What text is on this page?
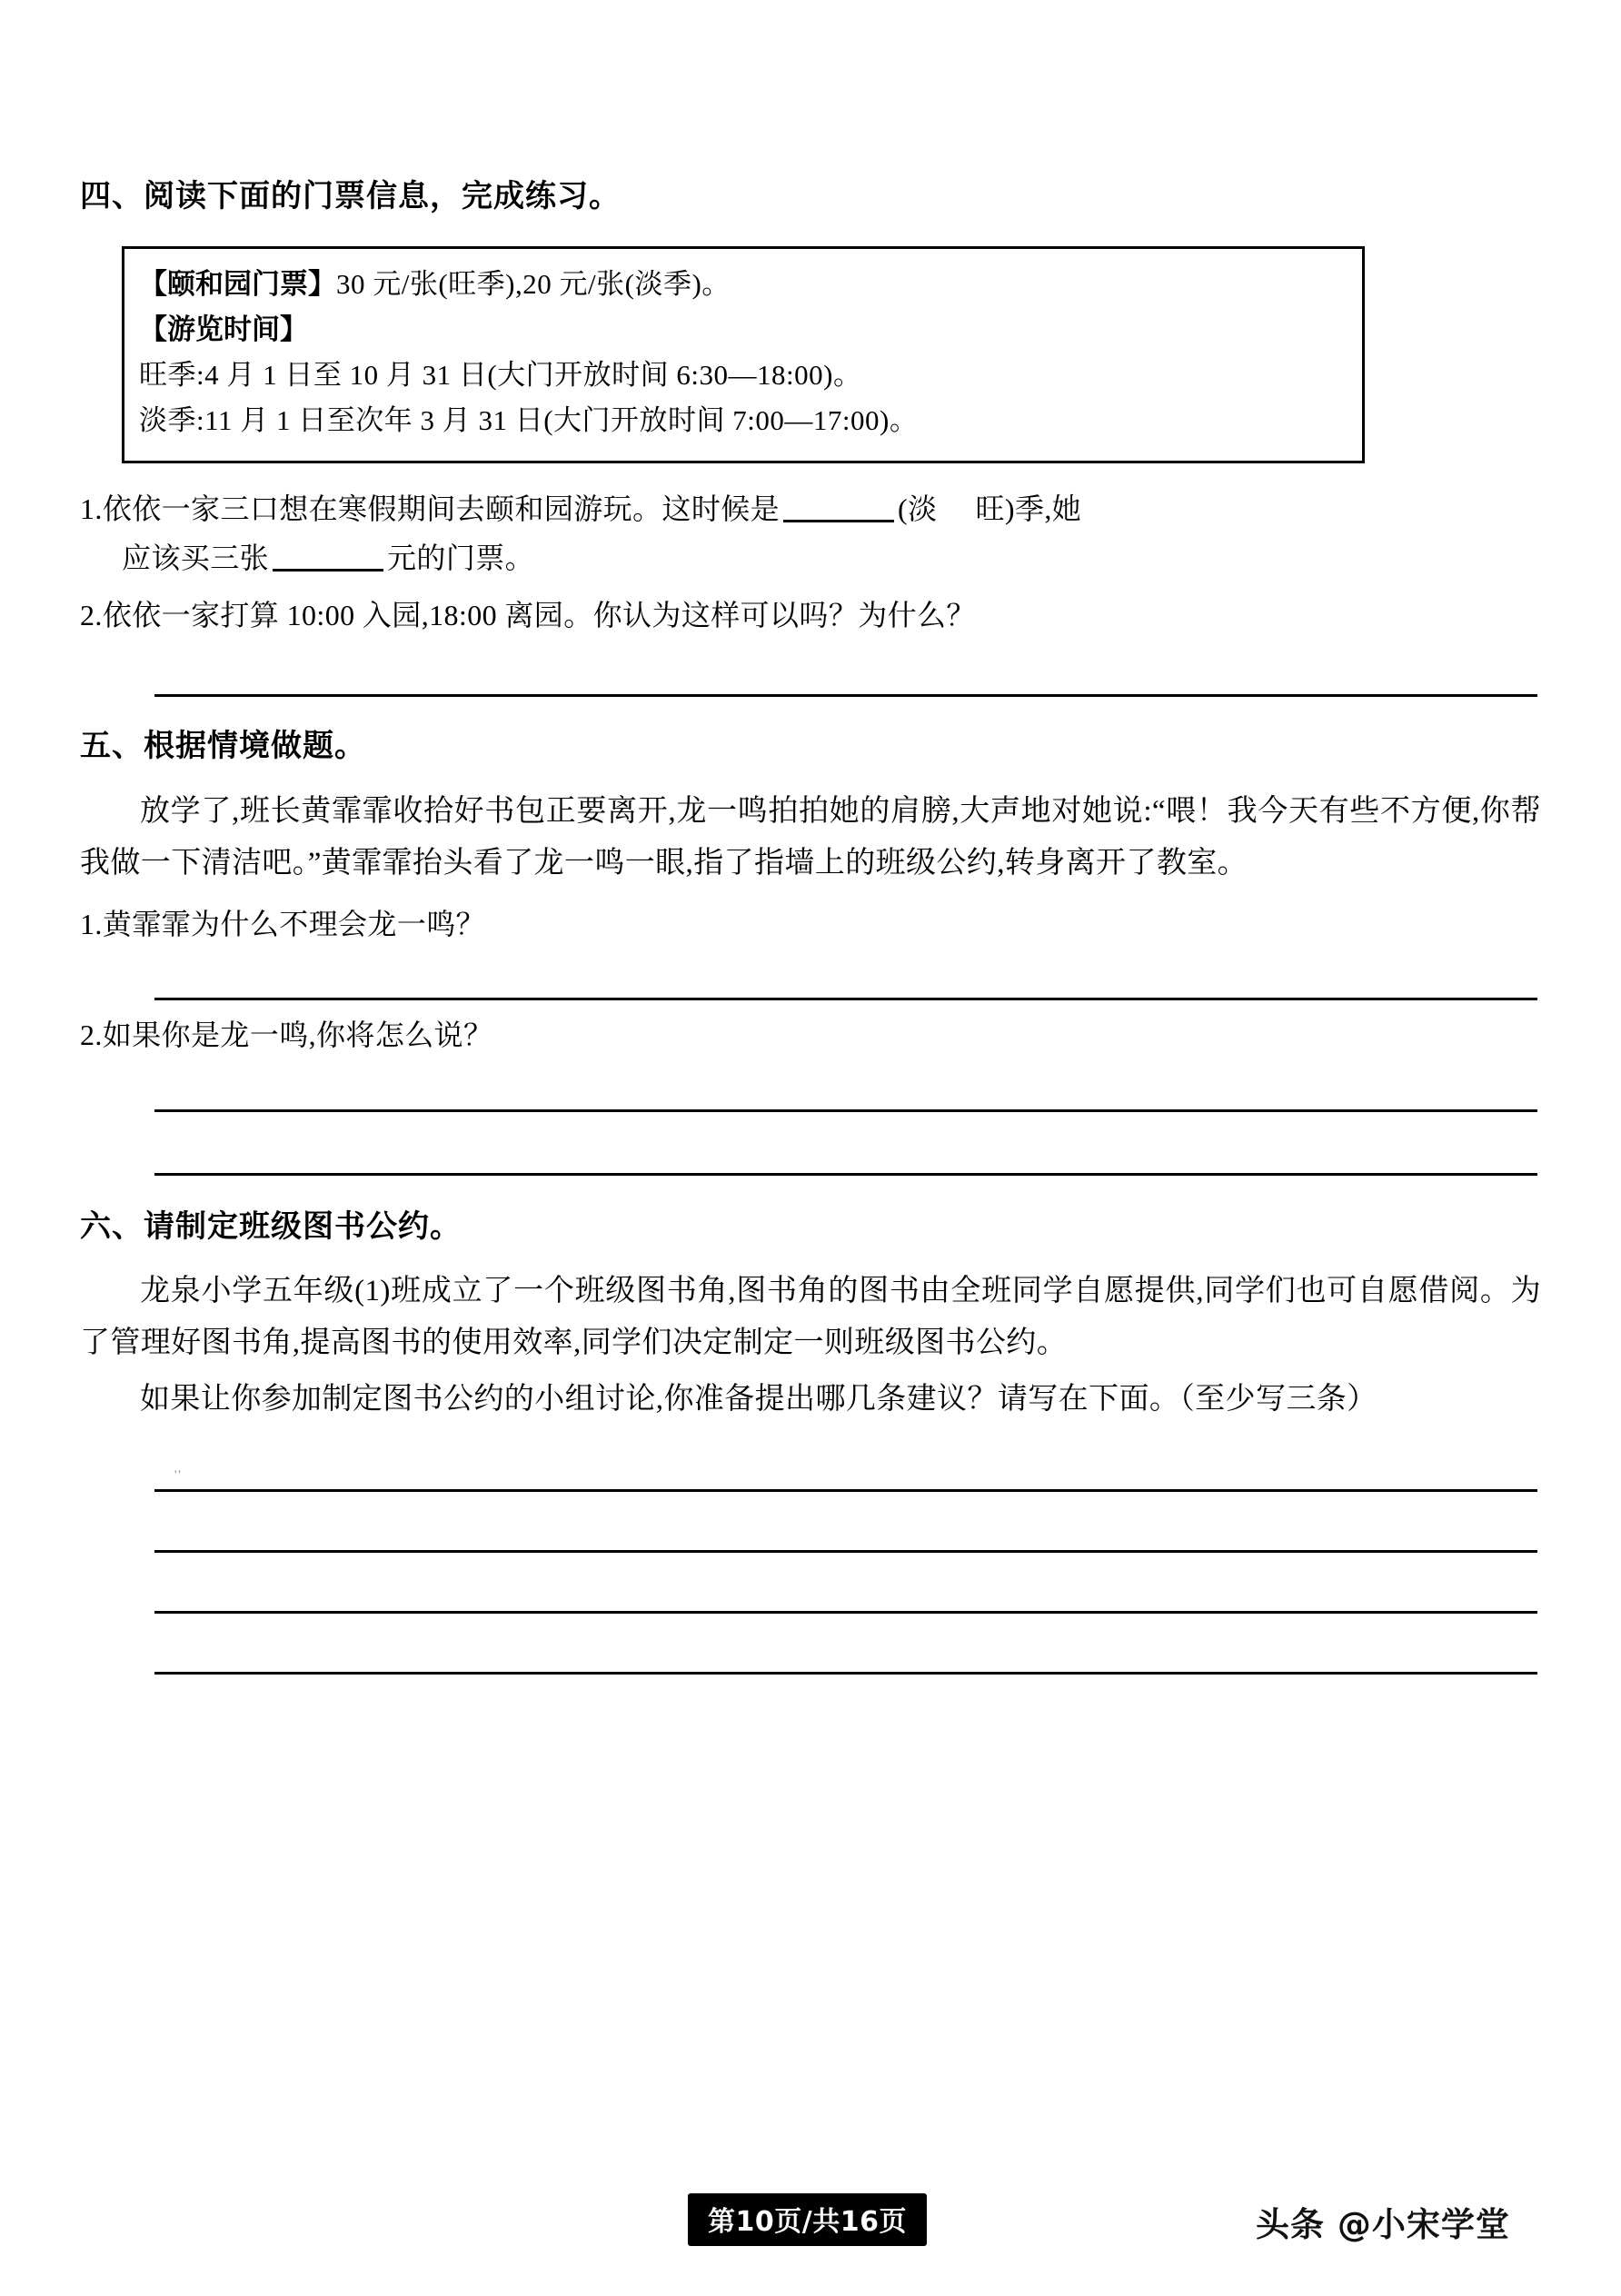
四、阅读下面的门票信息，完成练习。
【颐和园门票】30 元/张(旺季),20 元/张(淡季)。
【游览时间】
旺季:4 月 1 日至 10 月 31 日(大门开放时间 6:30—18:00)。
淡季:11 月 1 日至次年 3 月 31 日(大门开放时间 7:00—17:00)。
1.依依一家三口想在寒假期间去颐和园游玩。这时候是	(淡 旺)季,她
应该买三张	元的门票。
2.依依一家打算 10:00 入园,18:00 离园。你认为这样可以吗？为什么？
五、根据情境做题。
放学了,班长黄霏霏收拾好书包正要离开,龙一鸣拍拍她的肩膀,大声地对她说:“喂！我今天有些不方便,你帮我做一下清洁吧。”黄霏霏抬头看了龙一鸣一眼,指了指墙上的班级公约,转身离开了教室。
1.黄霏霏为什么不理会龙一鸣？
2.如果你是龙一鸣,你将怎么说？
六、请制定班级图书公约。
龙泉小学五年级(1)班成立了一个班级图书角,图书角的图书由全班同学自愿提供,同学们也可自愿借阅。为了管理好图书角,提高图书的使用效率,同学们决定制定一则班级图书公约。
如果让你参加制定图书公约的小组讨论,你准备提出哪几条建议？请写在下面。（至少写三条）
''
第10页/共16页	头条 @小宋学堂
